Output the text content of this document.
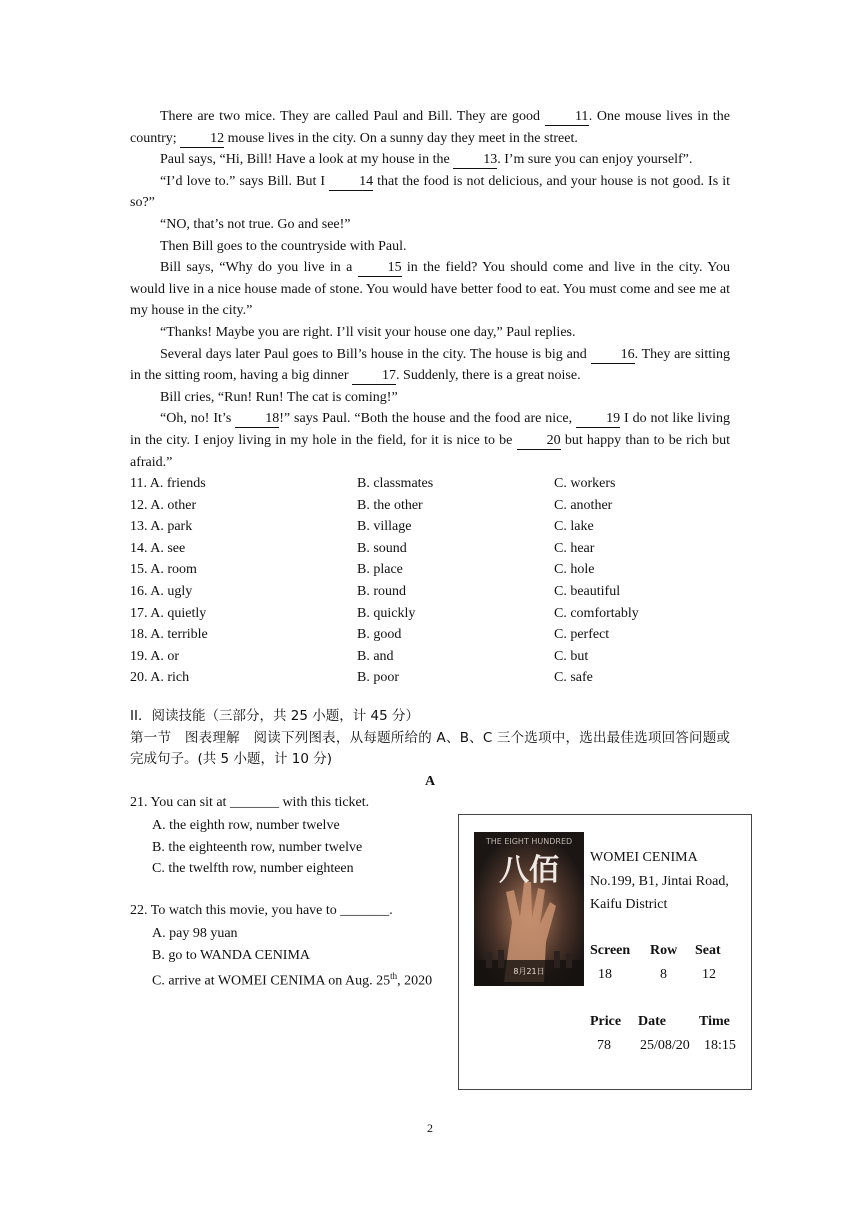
There are two mice. They are called Paul and Bill. They are good 11. One mouse lives in the country; 12 mouse lives in the city. On a sunny day they meet in the street.

Paul says, “Hi, Bill! Have a look at my house in the 13. I’m sure you can enjoy yourself”.

“I’d love to.” says Bill. But I 14 that the food is not delicious, and your house is not good. Is it so?”

“NO, that’s not true. Go and see!”

Then Bill goes to the countryside with Paul.

Bill says, “Why do you live in a 15 in the field? You should come and live in the city. You would live in a nice house made of stone. You would have better food to eat. You must come and see me at my house in the city.”

“Thanks! Maybe you are right. I’ll visit your house one day,” Paul replies.

Several days later Paul goes to Bill’s house in the city. The house is big and 16. They are sitting in the sitting room, having a big dinner 17. Suddenly, there is a great noise.

Bill cries, “Run! Run! The cat is coming!”

“Oh, no! It’s 18!” says Paul. “Both the house and the food are nice, 19 I do not like living in the city. I enjoy living in my hole in the field, for it is nice to be 20 but happy than to be rich but afraid.”

11. A. friends	B. classmates	C. workers
12. A. other	B. the other	C. another
13. A. park	B. village	C. lake
14. A. see	B. sound	C. hear
15. A. room	B. place	C. hole
16. A. ugly	B. round	C. beautiful
17. A. quietly	B. quickly	C. comfortably
18. A. terrible	B. good	C. perfect
19. A. or	B. and	C. but
20. A. rich	B. poor	C. safe
II．阅读技能（三部分，共 25 小题，计 45 分）
第一节　图表理解　阅读下列图表，从每题所给的 A、B、C 三个选项中，选出最佳选项回答问题或完成句子。(共 5 小题，计 10 分)
A
21. You can sit at _______ with this ticket.
A. the eighth row, number twelve
B. the eighteenth row, number twelve
C. the twelfth row, number eighteen
22. To watch this movie, you have to _______.
A. pay 98 yuan
B. go to WANDA CENIMA
C. arrive at WOMEI CENIMA on Aug. 25th, 2020
THE EIGHT HUNDRED
八佰
8月21日
WOMEI CENIMA
No.199, B1, Jintai Road,
Kaifu District
Screen	Row	Seat
18	8	12
Price	Date	Time
78	25/08/20	18:15
2
